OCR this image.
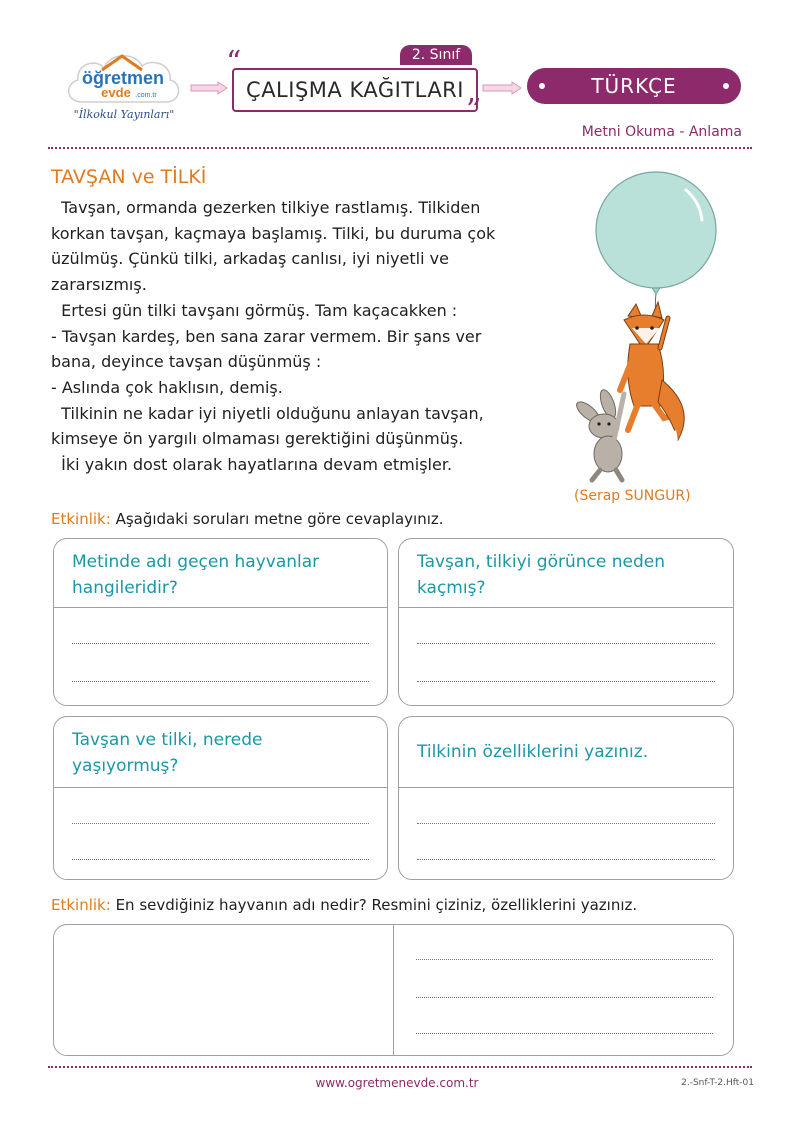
öğretmen
evde .com.tr
"İlkokul Yayınları"
“	2. Sınıf
ÇALIŞMA KAĞITLARI
”
TÜRKÇE
Metni Okuma - Anlama
TAVŞAN ve TİLKİ

Tavşan, ormanda gezerken tilkiye rastlamış. Tilkiden

korkan tavşan, kaçmaya başlamış. Tilki, bu duruma çok

üzülmüş. Çünkü tilki, arkadaş canlısı, iyi niyetli ve

zararsızmış.

Ertesi gün tilki tavşanı görmüş. Tam kaçacakken :

- Tavşan kardeş, ben sana zarar vermem. Bir şans ver

bana, deyince tavşan düşünmüş :

- Aslında çok haklısın, demiş.

Tilkinin ne kadar iyi niyetli olduğunu anlayan tavşan,

kimseye ön yargılı olmaması gerektiğini düşünmüş.

İki yakın dost olarak hayatlarına devam etmişler.

(Serap SUNGUR)
Etkinlik: Aşağıdaki soruları metne göre cevaplayınız.
Metinde adı geçen hayvanlar hangileridir?
Tavşan, tilkiyi görünce neden kaçmış?
Tavşan ve tilki, nerede yaşıyormuş?
Tilkinin özelliklerini yazınız.
Etkinlik: En sevdiğiniz hayvanın adı nedir? Resmini çiziniz, özelliklerini yazınız.
www.ogretmenevde.com.tr	2.-Snf-T-2.Hft-01
